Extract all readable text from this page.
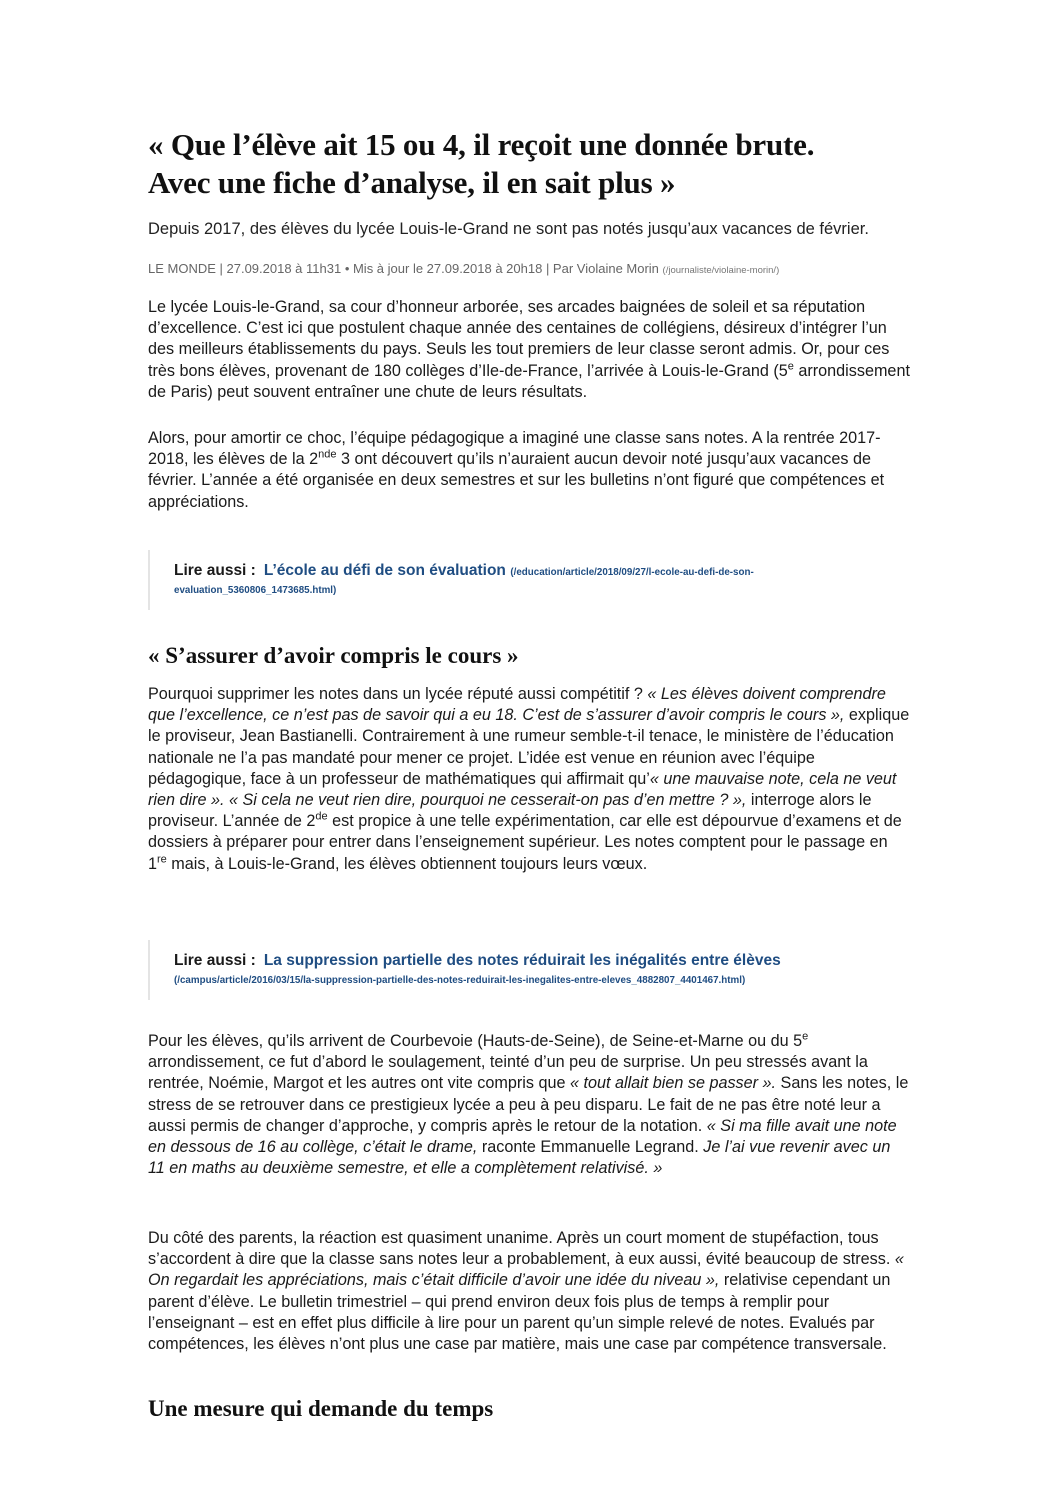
« Que l’élève ait 15 ou 4, il reçoit une donnée brute.
Avec une fiche d’analyse, il en sait plus »

Depuis 2017, des élèves du lycée Louis-le-Grand ne sont pas notés jusqu’aux vacances de février.

LE MONDE | 27.09.2018 à 11h31 • Mis à jour le 27.09.2018 à 20h18 | Par Violaine Morin (/journaliste/violaine-morin/)

Le lycée Louis-le-Grand, sa cour d’honneur arborée, ses arcades baignées de soleil et sa réputation d’excellence. C’est ici que postulent chaque année des centaines de collégiens, désireux d’intégrer l’un des meilleurs établissements du pays. Seuls les tout premiers de leur classe seront admis. Or, pour ces très bons élèves, provenant de 180 collèges d’Ile-de-France, l’arrivée à Louis-le-Grand (5e arrondissement de Paris) peut souvent entraîner une chute de leurs résultats.

Alors, pour amortir ce choc, l’équipe pédagogique a imaginé une classe sans notes. A la rentrée 2017-2018, les élèves de la 2nde 3 ont découvert qu’ils n’auraient aucun devoir noté jusqu’aux vacances de février. L’année a été organisée en deux semestres et sur les bulletins n’ont figuré que compétences et appréciations.

Lire aussi : L’école au défi de son évaluation (/education/article/2018/09/27/l-ecole-au-defi-de-son-evaluation_5360806_1473685.html)
« S’assurer d’avoir compris le cours »

Pourquoi supprimer les notes dans un lycée réputé aussi compétitif ? « Les élèves doivent comprendre que l’excellence, ce n’est pas de savoir qui a eu 18. C’est de s’assurer d’avoir compris le cours », explique le proviseur, Jean Bastianelli. Contrairement à une rumeur semble-t-il tenace, le ministère de l’éducation nationale ne l’a pas mandaté pour mener ce projet. L’idée est venue en réunion avec l’équipe pédagogique, face à un professeur de mathématiques qui affirmait qu’« une mauvaise note, cela ne veut rien dire ». « Si cela ne veut rien dire, pourquoi ne cesserait-on pas d’en mettre ? », interroge alors le proviseur. L’année de 2de est propice à une telle expérimentation, car elle est dépourvue d’examens et de dossiers à préparer pour entrer dans l’enseignement supérieur. Les notes comptent pour le passage en 1re mais, à Louis-le-Grand, les élèves obtiennent toujours leurs vœux.

Lire aussi : La suppression partielle des notes réduirait les inégalités entre élèves
(/campus/article/2016/03/15/la-suppression-partielle-des-notes-reduirait-les-inegalites-entre-eleves_4882807_4401467.html)

Pour les élèves, qu’ils arrivent de Courbevoie (Hauts-de-Seine), de Seine-et-Marne ou du 5e arrondissement, ce fut d’abord le soulagement, teinté d’un peu de surprise. Un peu stressés avant la rentrée, Noémie, Margot et les autres ont vite compris que « tout allait bien se passer ». Sans les notes, le stress de se retrouver dans ce prestigieux lycée a peu à peu disparu. Le fait de ne pas être noté leur a aussi permis de changer d’approche, y compris après le retour de la notation. « Si ma fille avait une note en dessous de 16 au collège, c’était le drame, raconte Emmanuelle Legrand. Je l’ai vue revenir avec un 11 en maths au deuxième semestre, et elle a complètement relativisé. »

Du côté des parents, la réaction est quasiment unanime. Après un court moment de stupéfaction, tous s’accordent à dire que la classe sans notes leur a probablement, à eux aussi, évité beaucoup de stress. « On regardait les appréciations, mais c’était difficile d’avoir une idée du niveau », relativise cependant un parent d’élève. Le bulletin trimestriel – qui prend environ deux fois plus de temps à remplir pour l’enseignant – est en effet plus difficile à lire pour un parent qu’un simple relevé de notes. Evalués par compétences, les élèves n’ont plus une case par matière, mais une case par compétence transversale.

Une mesure qui demande du temps
